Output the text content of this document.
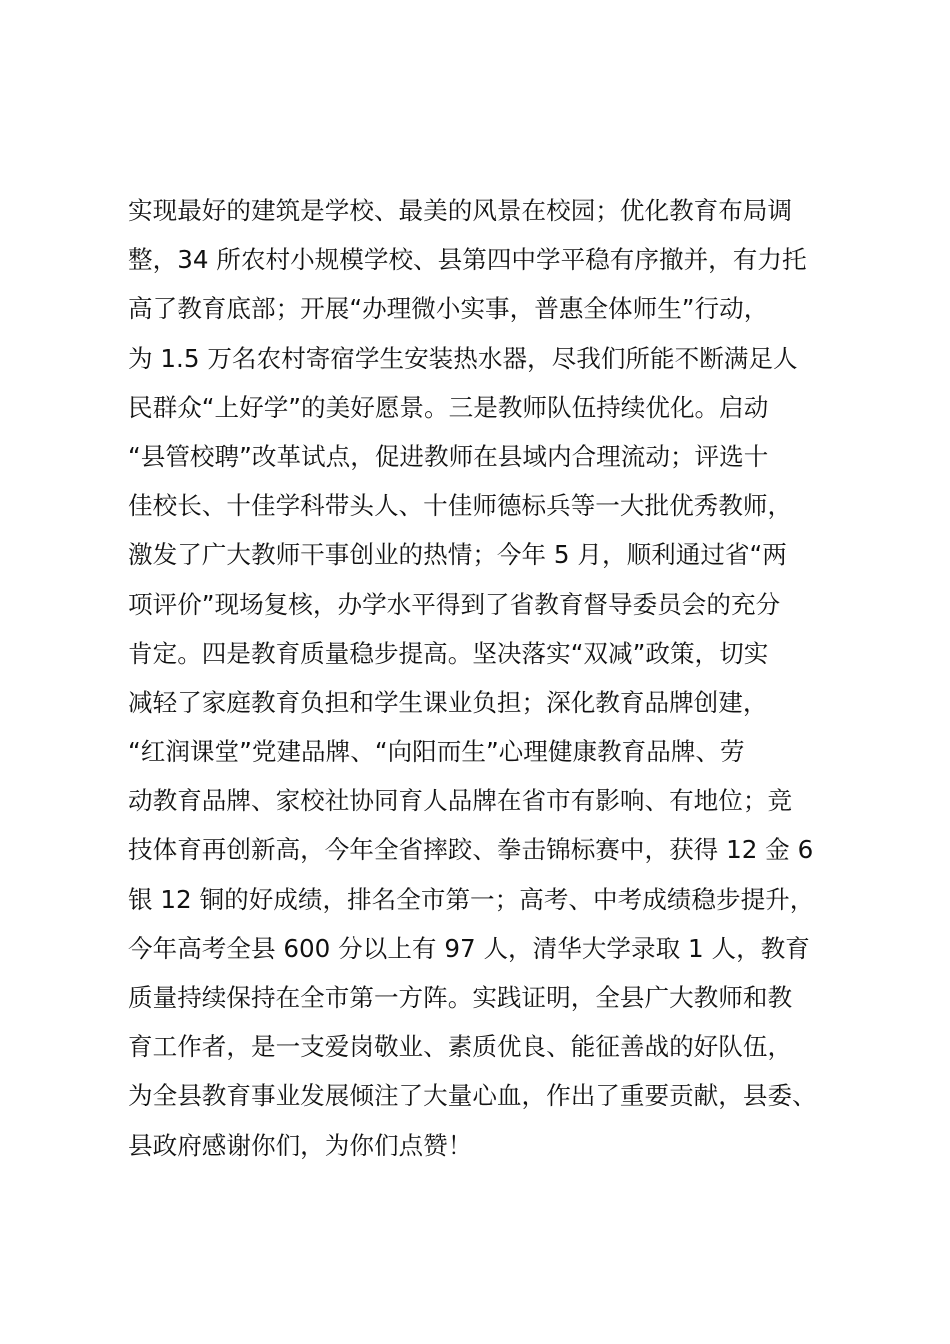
实现最好的建筑是学校、最美的风景在校园；优化教育布局调
整，34 所农村小规模学校、县第四中学平稳有序撤并，有力托
高了教育底部；开展“办理微小实事，普惠全体师生”行动，
为 1.5 万名农村寄宿学生安装热水器，尽我们所能不断满足人
民群众“上好学”的美好愿景。三是教师队伍持续优化。启动
“县管校聘”改革试点，促进教师在县域内合理流动；评选十
佳校长、十佳学科带头人、十佳师德标兵等一大批优秀教师，
激发了广大教师干事创业的热情；今年 5 月，顺利通过省“两
项评价”现场复核，办学水平得到了省教育督导委员会的充分
肯定。四是教育质量稳步提高。坚决落实“双减”政策，切实
减轻了家庭教育负担和学生课业负担；深化教育品牌创建，
“红润课堂”党建品牌、“向阳而生”心理健康教育品牌、劳
动教育品牌、家校社协同育人品牌在省市有影响、有地位；竞
技体育再创新高，今年全省摔跤、拳击锦标赛中，获得 12 金 6
银 12 铜的好成绩，排名全市第一；高考、中考成绩稳步提升，
今年高考全县 600 分以上有 97 人，清华大学录取 1 人，教育
质量持续保持在全市第一方阵。实践证明，全县广大教师和教
育工作者，是一支爱岗敬业、素质优良、能征善战的好队伍，
为全县教育事业发展倾注了大量心血，作出了重要贡献，县委、
县政府感谢你们，为你们点赞！
